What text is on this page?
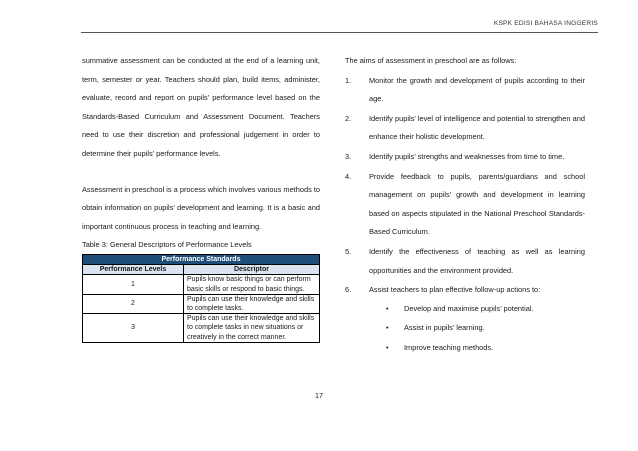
KSPK EDISI BAHASA INGGERIS

summative assessment can be conducted at the end of a learning unit, term, semester or year. Teachers should plan, build items, administer, evaluate, record and report on pupils’ performance level based on the Standards-Based Curriculum and Assessment Document. Teachers need to use their discretion and professional judgement in order to determine their pupils’ performance levels.

Assessment in preschool is a process which involves various methods to obtain information on pupils’ development and learning. It is a basic and important continuous process in teaching and learning.

Table 3: General Descriptors of Performance Levels
Performance Standards	
Performance Levels	Descriptor
1	Pupils know basic things or can perform basic skills or respond to basic things.
2	Pupils can use their knowledge and skills to complete tasks.
3	Pupils can use their knowledge and skills to complete tasks in new situations or creatively in the correct manner.

The aims of assessment in preschool are as follows:

1. Monitor the growth and development of pupils according to their age.
2. Identify pupils’ level of intelligence and potential to strengthen and enhance their holistic development.
3. Identify pupils’ strengths and weaknesses from time to time.
4. Provide feedback to pupils, parents/guardians and school management on pupils’ growth and development in learning based on aspects stipulated in the National Preschool Standards-Based Curriculum.
5. Identify the effectiveness of teaching as well as learning opportunities and the environment provided.
6. Assist teachers to plan effective follow-up actions to:
• Develop and maximise pupils’ potential.
• Assist in pupils’ learning.
• Improve teaching methods.
17
